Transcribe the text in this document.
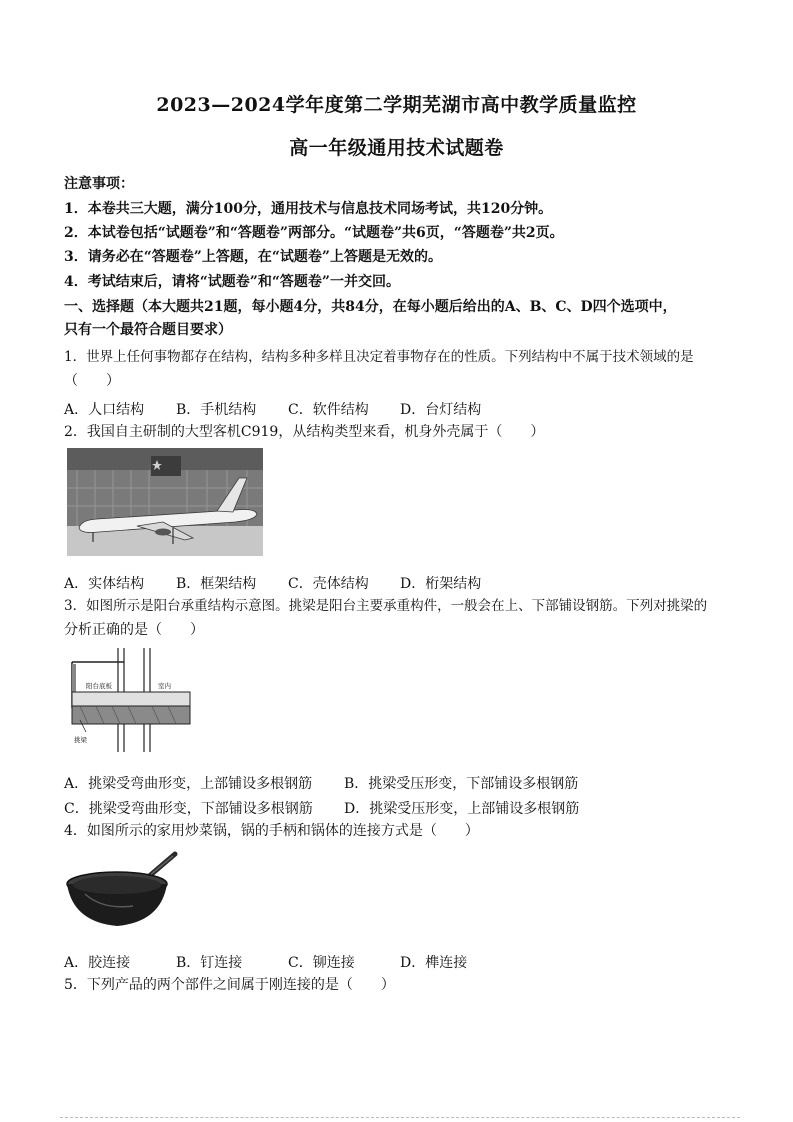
2023—2024学年度第二学期芜湖市高中教学质量监控
高一年级通用技术试题卷
注意事项：
1．本卷共三大题，满分100分，通用技术与信息技术同场考试，共120分钟。
2．本试卷包括“试题卷”和“答题卷”两部分。“试题卷”共6页，“答题卷”共2页。
3．请务必在“答题卷”上答题，在“试题卷”上答题是无效的。
4．考试结束后，请将“试题卷”和“答题卷”一并交回。
一、选择题（本大题共21题，每小题4分，共84分，在每小题后给出的A、B、C、D四个选项中，
只有一个最符合题目要求）
1．世界上任何事物都存在结构，结构多种多样且决定着事物存在的性质。下列结构中不属于技术领域的是
（　　）
A．人口结构 B．手机结构 C．软件结构 D．台灯结构
2．我国自主研制的大型客机C919，从结构类型来看，机身外壳属于（　　）
A．实体结构 B．框架结构 C．壳体结构 D．桁架结构
3．如图所示是阳台承重结构示意图。挑梁是阳台主要承重构件，一般会在上、下部铺设钢筋。下列对挑梁的
分析正确的是（　　）
阳台底板	室内
挑梁
A．挑梁受弯曲形变，上部铺设多根钢筋 B．挑梁受压形变，下部铺设多根钢筋
C．挑梁受弯曲形变，下部铺设多根钢筋 D．挑梁受压形变，上部铺设多根钢筋
4．如图所示的家用炒菜锅，锅的手柄和锅体的连接方式是（　　）
A．胶连接	B．钉连接	C．铆连接	D．榫连接
5．下列产品的两个部件之间属于刚连接的是（　　）
